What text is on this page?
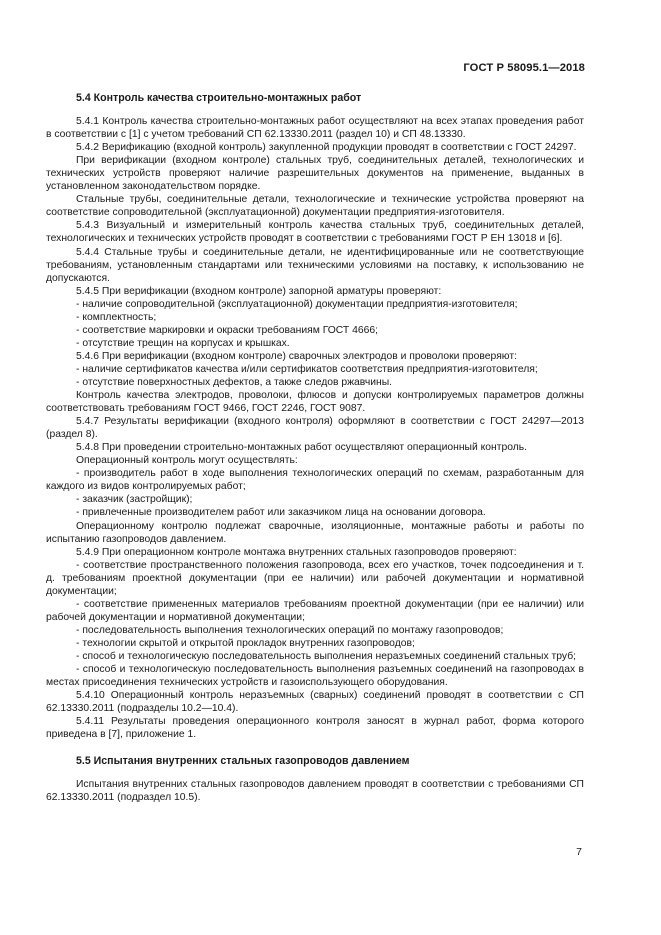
ГОСТ Р 58095.1—2018

5.4 Контроль качества строительно-монтажных работ

5.4.1 Контроль качества строительно-монтажных работ осуществляют на всех этапах проведения работ в соответствии с [1] с учетом требований СП 62.13330.2011 (раздел 10) и СП 48.13330.

5.4.2 Верификацию (входной контроль) закупленной продукции проводят в соответствии с ГОСТ 24297.

При верификации (входном контроле) стальных труб, соединительных деталей, технологических и технических устройств проверяют наличие разрешительных документов на применение, выданных в установленном законодательством порядке.

Стальные трубы, соединительные детали, технологические и технические устройства проверяют на соответствие сопроводительной (эксплуатационной) документации предприятия-изготовителя.

5.4.3 Визуальный и измерительный контроль качества стальных труб, соединительных деталей, технологических и технических устройств проводят в соответствии с требованиями ГОСТ Р ЕН 13018 и [6].

5.4.4 Стальные трубы и соединительные детали, не идентифицированные или не соответствующие требованиям, установленным стандартами или техническими условиями на поставку, к использованию не допускаются.

5.4.5 При верификации (входном контроле) запорной арматуры проверяют:

- наличие сопроводительной (эксплуатационной) документации предприятия-изготовителя;

- комплектность;

- соответствие маркировки и окраски требованиям ГОСТ 4666;

- отсутствие трещин на корпусах и крышках.

5.4.6 При верификации (входном контроле) сварочных электродов и проволоки проверяют:

- наличие сертификатов качества и/или сертификатов соответствия предприятия-изготовителя;

- отсутствие поверхностных дефектов, а также следов ржавчины.

Контроль качества электродов, проволоки, флюсов и допуски контролируемых параметров должны соответствовать требованиям ГОСТ 9466, ГОСТ 2246, ГОСТ 9087.

5.4.7 Результаты верификации (входного контроля) оформляют в соответствии с ГОСТ 24297—2013 (раздел 8).

5.4.8 При проведении строительно-монтажных работ осуществляют операционный контроль.

Операционный контроль могут осуществлять:

- производитель работ в ходе выполнения технологических операций по схемам, разработанным для каждого из видов контролируемых работ;

- заказчик (застройщик);

- привлеченные производителем работ или заказчиком лица на основании договора.

Операционному контролю подлежат сварочные, изоляционные, монтажные работы и работы по испытанию газопроводов давлением.

5.4.9 При операционном контроле монтажа внутренних стальных газопроводов проверяют:

- соответствие пространственного положения газопровода, всех его участков, точек подсоединения и т. д. требованиям проектной документации (при ее наличии) или рабочей документации и нормативной документации;

- соответствие примененных материалов требованиям проектной документации (при ее наличии) или рабочей документации и нормативной документации;

- последовательность выполнения технологических операций по монтажу газопроводов;

- технологии скрытой и открытой прокладок внутренних газопроводов;

- способ и технологическую последовательность выполнения неразъемных соединений стальных труб;

- способ и технологическую последовательность выполнения разъемных соединений на газопроводах в местах присоединения технических устройств и газоиспользующего оборудования.

5.4.10 Операционный контроль неразъемных (сварных) соединений проводят в соответствии с СП 62.13330.2011 (подразделы 10.2—10.4).

5.4.11 Результаты проведения операционного контроля заносят в журнал работ, форма которого приведена в [7], приложение 1.

5.5 Испытания внутренних стальных газопроводов давлением

Испытания внутренних стальных газопроводов давлением проводят в соответствии с требованиями СП 62.13330.2011 (подраздел 10.5).

7
